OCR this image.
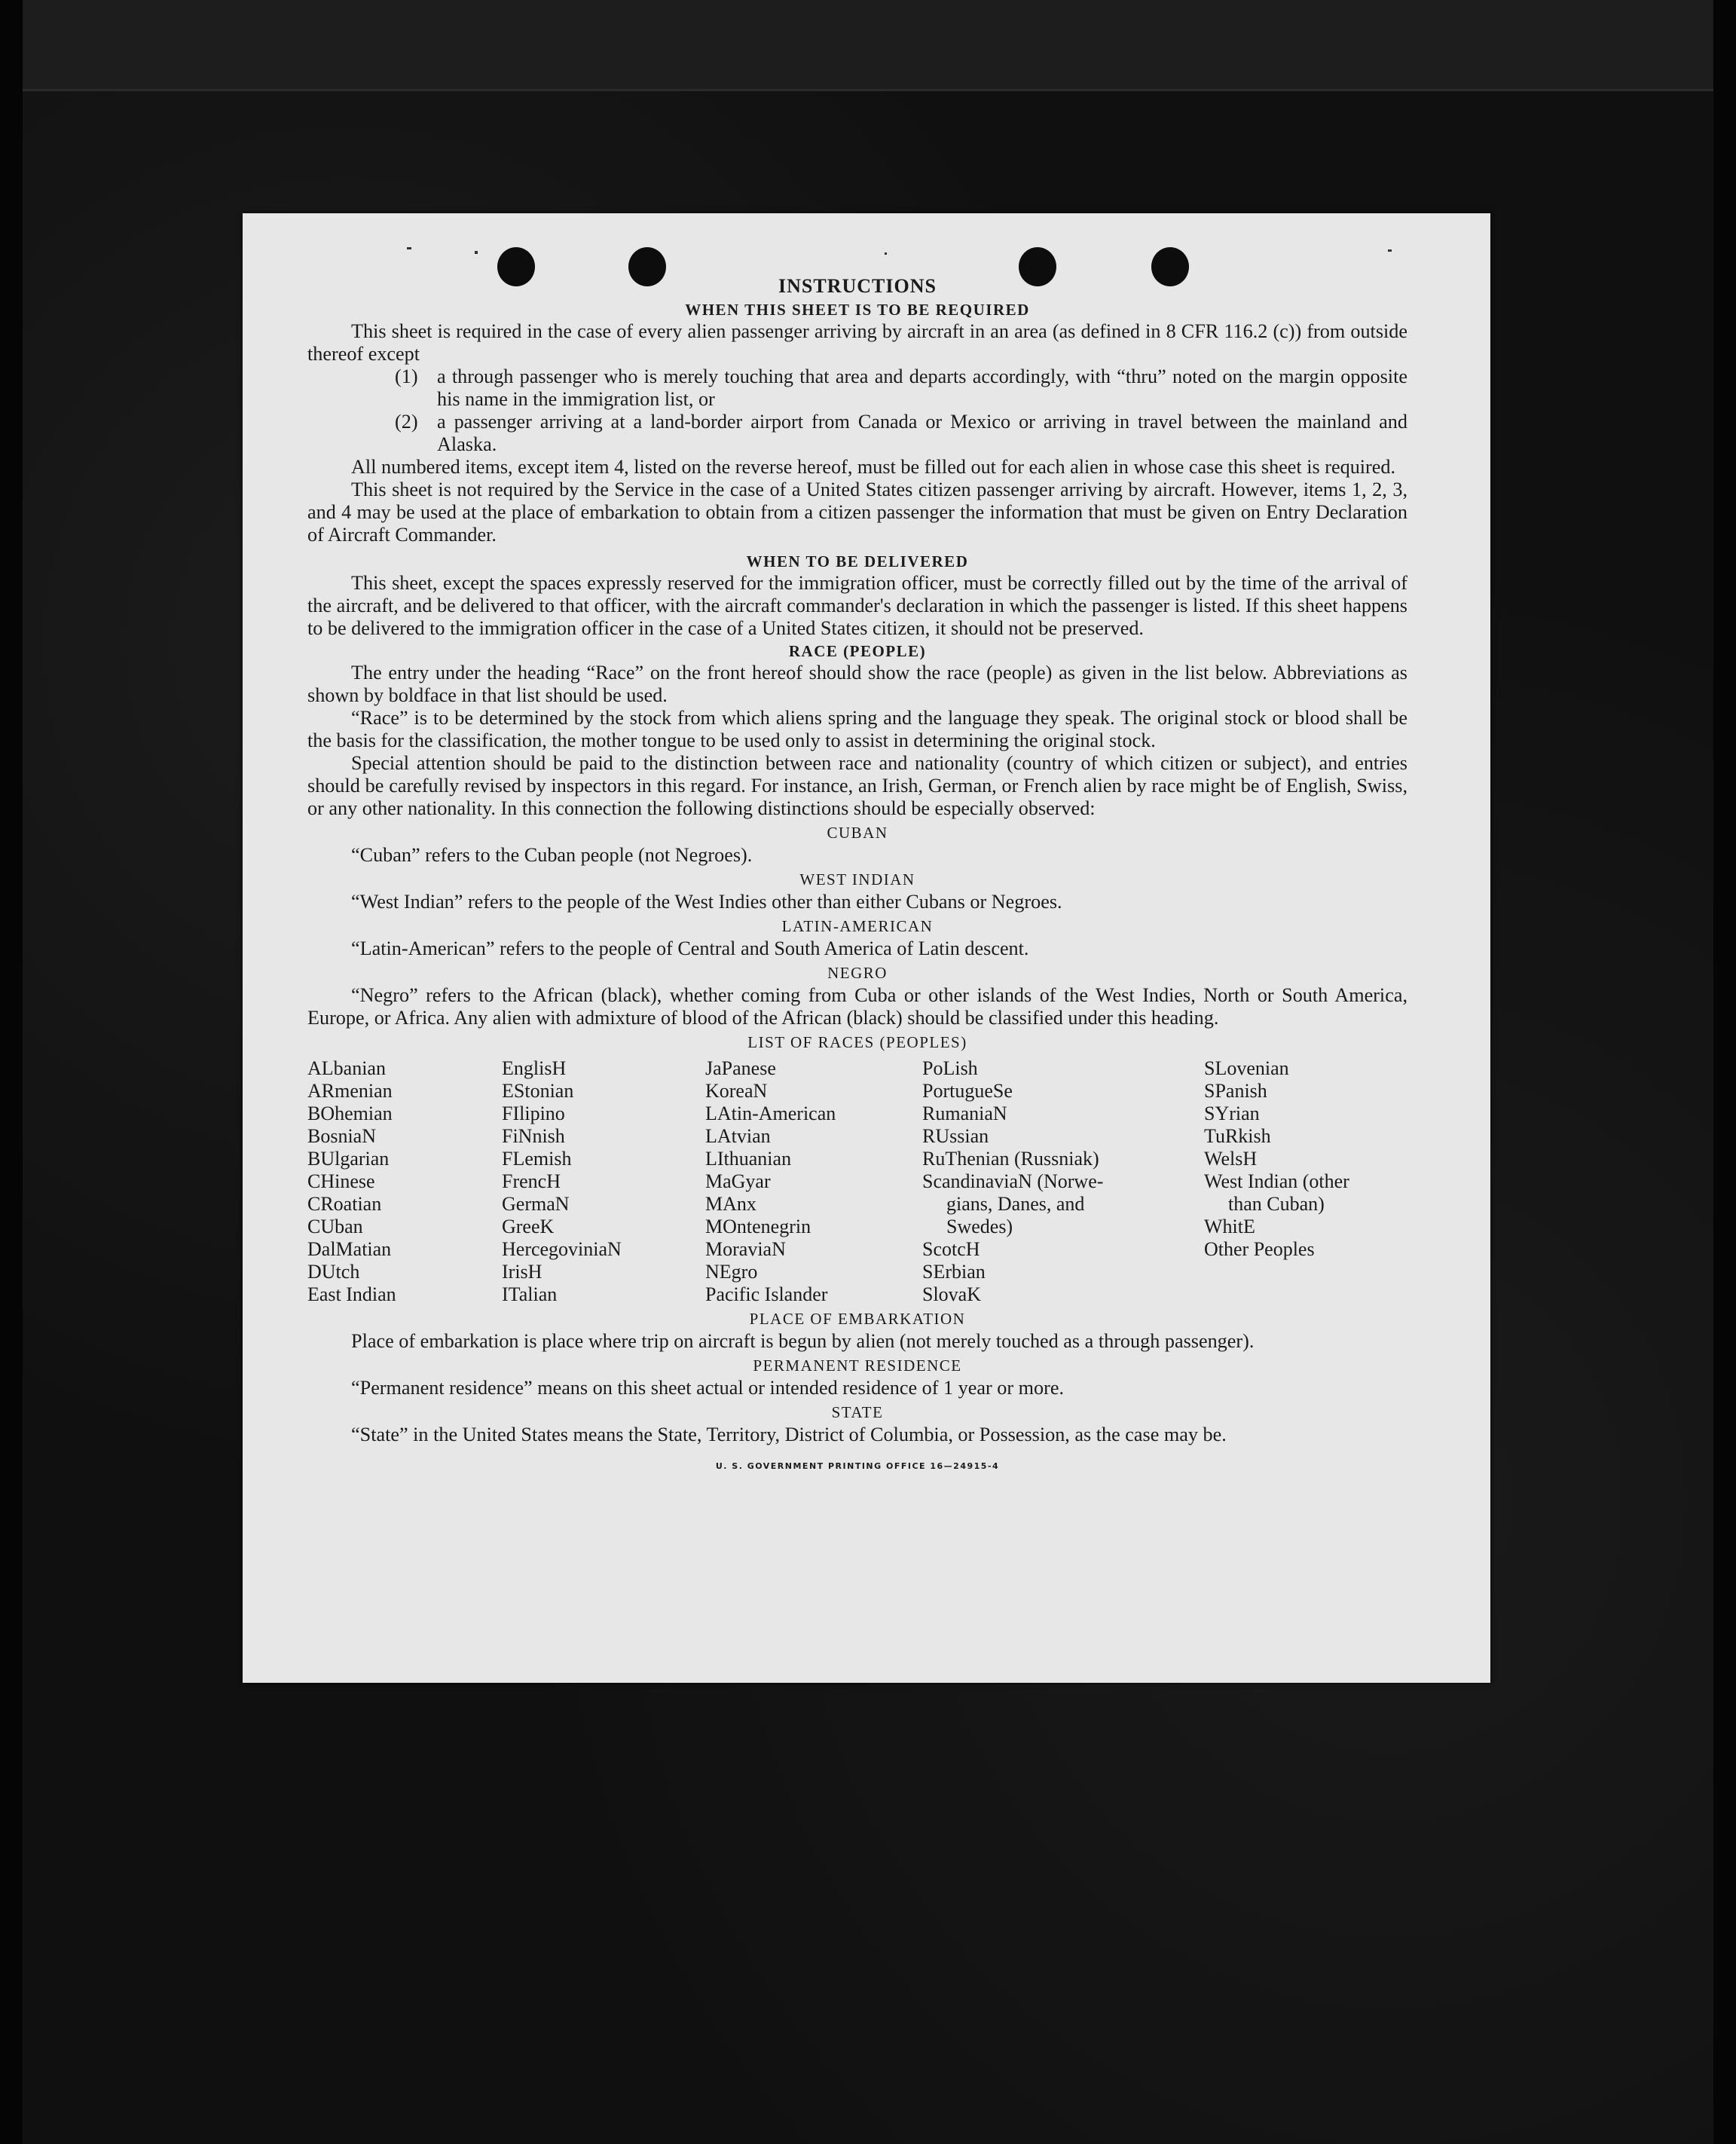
INSTRUCTIONS
WHEN THIS SHEET IS TO BE REQUIRED

This sheet is required in the case of every alien passenger arriving by aircraft in an area (as defined in 8 CFR 116.2 (c)) from outside thereof except

(1) a through passenger who is merely touching that area and departs accordingly, with “thru” noted on the margin opposite his name in the immigration list, or
(2) a passenger arriving at a land-border airport from Canada or Mexico or arriving in travel between the mainland and Alaska.

All numbered items, except item 4, listed on the reverse hereof, must be filled out for each alien in whose case this sheet is required.

This sheet is not required by the Service in the case of a United States citizen passenger arriving by aircraft. However, items 1, 2, 3, and 4 may be used at the place of embarkation to obtain from a citizen passenger the information that must be given on Entry Declaration of Aircraft Commander.

WHEN TO BE DELIVERED

This sheet, except the spaces expressly reserved for the immigration officer, must be correctly filled out by the time of the arrival of the aircraft, and be delivered to that officer, with the aircraft commander's declaration in which the passenger is listed. If this sheet happens to be delivered to the immigration officer in the case of a United States citizen, it should not be preserved.

RACE (PEOPLE)

The entry under the heading “Race” on the front hereof should show the race (people) as given in the list below. Abbreviations as shown by boldface in that list should be used.

“Race” is to be determined by the stock from which aliens spring and the language they speak. The original stock or blood shall be the basis for the classification, the mother tongue to be used only to assist in determining the original stock.

Special attention should be paid to the distinction between race and nationality (country of which citizen or subject), and entries should be carefully revised by inspectors in this regard. For instance, an Irish, German, or French alien by race might be of English, Swiss, or any other nationality. In this connection the following distinctions should be especially observed:

CUBAN

“Cuban” refers to the Cuban people (not Negroes).

WEST INDIAN

“West Indian” refers to the people of the West Indies other than either Cubans or Negroes.

LATIN-AMERICAN

“Latin-American” refers to the people of Central and South America of Latin descent.

NEGRO

“Negro” refers to the African (black), whether coming from Cuba or other islands of the West Indies, North or South America, Europe, or Africa. Any alien with admixture of blood of the African (black) should be classified under this heading.

LIST OF RACES (PEOPLES)
ALbanian
ARmenian
BOhemian
BosniaN
BUlgarian
CHinese
CRoatian
CUban
DalMatian
DUtch
East Indian
EnglisH
EStonian
FIlipino
FiNnish
FLemish
FrencH
GermaN
GreeK
HercegoviniaN
IrisH
ITalian
JaPanese
KoreaN
LAtin-American
LAtvian
LIthuanian
MaGyar
MAnx
MOntenegrin
MoraviaN
NEgro
Pacific Islander
PoLish
PortugueSe
RumaniaN
RUssian
RuThenian (Russniak)
ScandinaviaN (Norwe-
gians, Danes, and
Swedes)
ScotcH
SErbian
SlovaK
SLovenian
SPanish
SYrian
TuRkish
WelsH
West Indian (other
than Cuban)
WhitE
Other Peoples
PLACE OF EMBARKATION

Place of embarkation is place where trip on aircraft is begun by alien (not merely touched as a through passenger).

PERMANENT RESIDENCE

“Permanent residence” means on this sheet actual or intended residence of 1 year or more.

STATE

“State” in the United States means the State, Territory, District of Columbia, or Possession, as the case may be.

U. S. GOVERNMENT PRINTING OFFICE 16—24915-4
